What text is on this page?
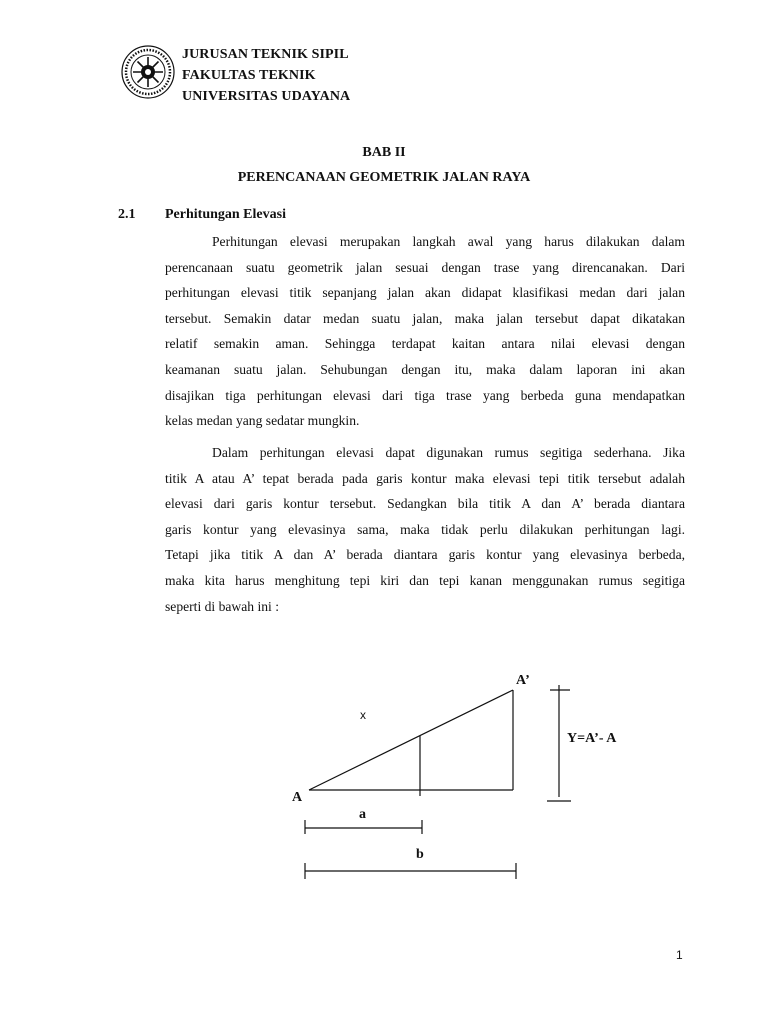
JURUSAN TEKNIK SIPIL
FAKULTAS TEKNIK
UNIVERSITAS UDAYANA
BAB II
PERENCANAAN GEOMETRIK JALAN RAYA
2.1 Perhitungan Elevasi
Perhitungan elevasi merupakan langkah awal yang harus dilakukan dalam
perencanaan suatu geometrik jalan sesuai dengan trase yang direncanakan. Dari
perhitungan elevasi titik sepanjang jalan akan didapat klasifikasi medan dari jalan
tersebut. Semakin datar medan suatu jalan, maka jalan tersebut dapat dikatakan
relatif semakin aman. Sehingga terdapat kaitan antara nilai elevasi dengan
keamanan suatu jalan. Sehubungan dengan itu, maka dalam laporan ini akan
disajikan tiga perhitungan elevasi dari tiga trase yang berbeda guna mendapatkan
kelas medan yang sedatar mungkin.
Dalam perhitungan elevasi dapat digunakan rumus segitiga sederhana. Jika
titik A atau A’ tepat berada pada garis kontur maka elevasi tepi titik tersebut adalah
elevasi dari garis kontur tersebut. Sedangkan bila titik A dan A’ berada diantara
garis kontur yang elevasinya sama, maka tidak perlu dilakukan perhitungan lagi.
Tetapi jika titik A dan A’ berada diantara garis kontur yang elevasinya berbeda,
maka kita harus menghitung tepi kiri dan tepi kanan menggunakan rumus segitiga
seperti di bawah ini :
A’
x
Y=A’- A
A
a
b
1
